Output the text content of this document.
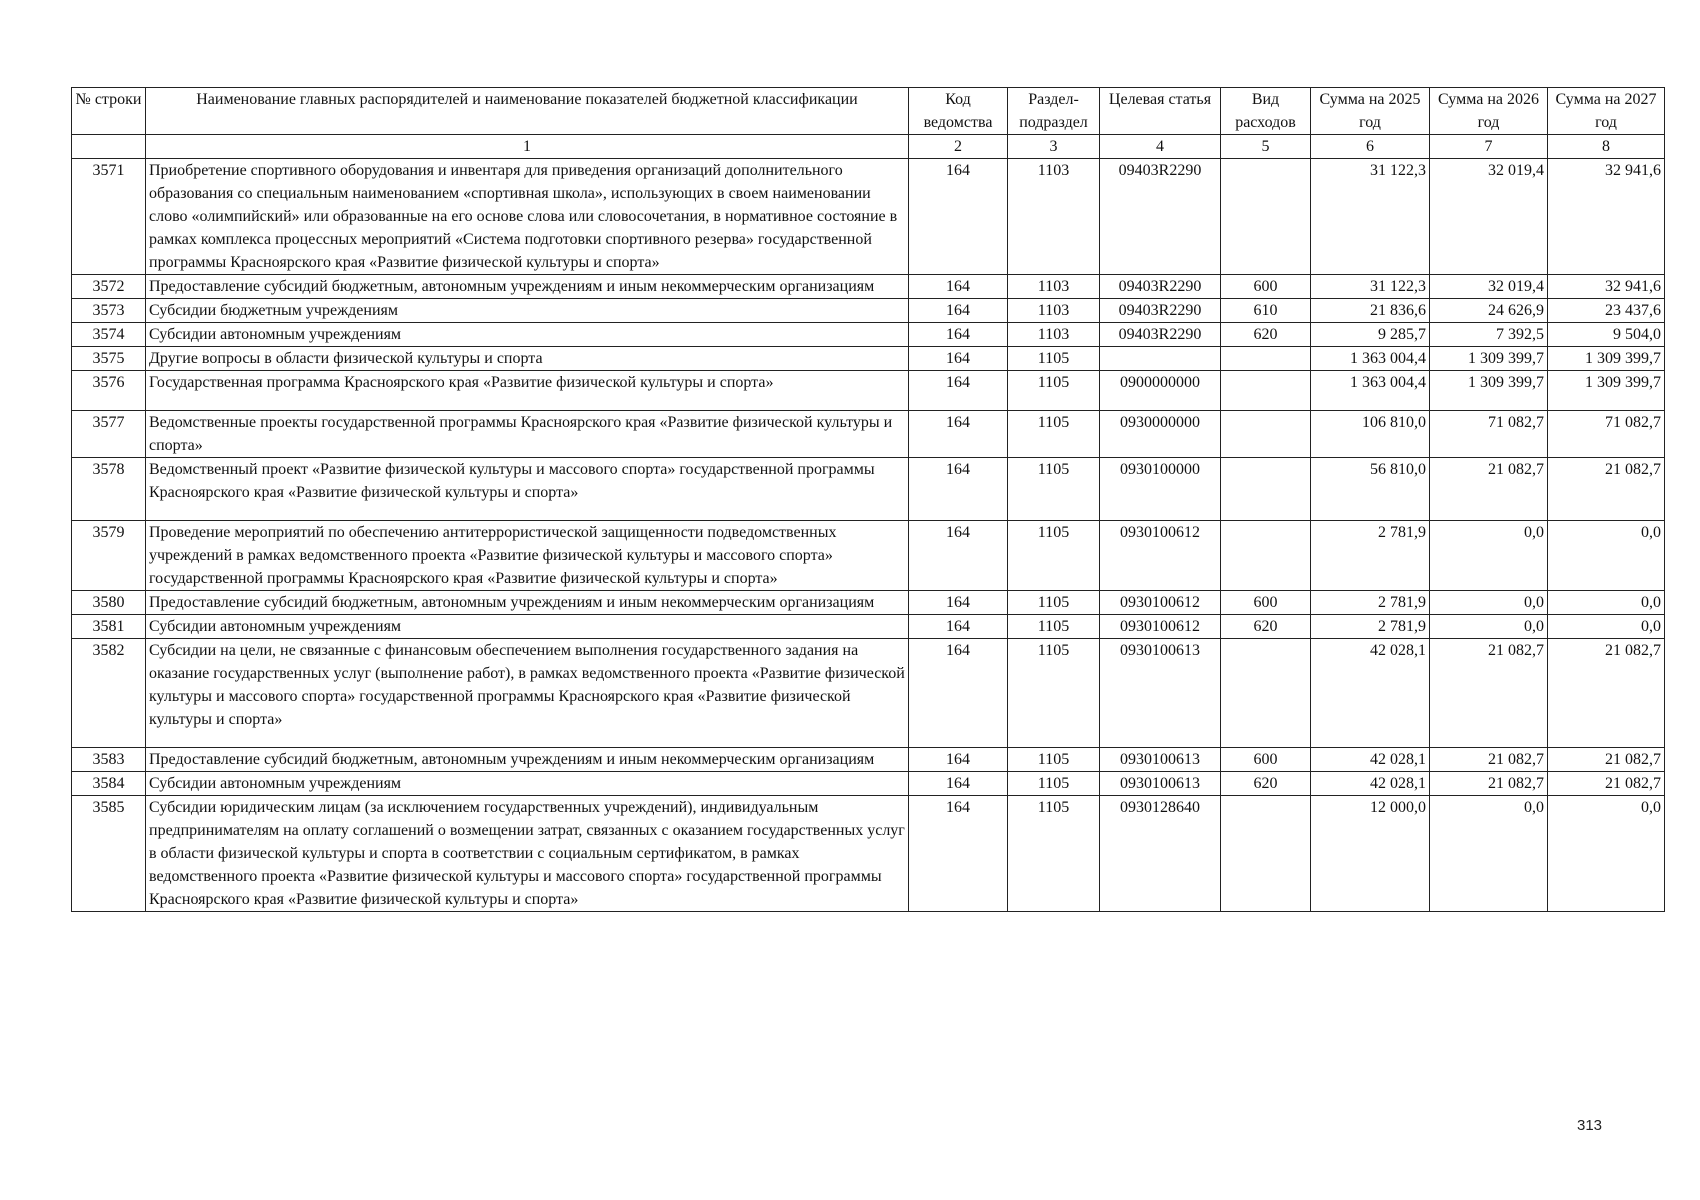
№ строки	Наименование главных распорядителей и наименование показателей бюджетной классификации	Код ведомства	Раздел-подраздел	Целевая статья	Вид расходов	Сумма на 2025 год	Сумма на 2026 год	Сумма на 2027 год
	1	2	3	4	5	6	7	8
3571	Приобретение спортивного оборудования и инвентаря для приведения организаций дополнительного образования со специальным наименованием «спортивная школа», использующих в своем наименовании слово «олимпийский» или образованные на его основе слова или словосочетания, в нормативное состояние в рамках комплекса процессных мероприятий «Система подготовки спортивного резерва» государственной программы Красноярского края «Развитие физической культуры и спорта»	164	1103	09403R2290		31 122,3	32 019,4	32 941,6
3572	Предоставление субсидий бюджетным, автономным учреждениям и иным некоммерческим организациям	164	1103	09403R2290	600	31 122,3	32 019,4	32 941,6
3573	Субсидии бюджетным учреждениям	164	1103	09403R2290	610	21 836,6	24 626,9	23 437,6
3574	Субсидии автономным учреждениям	164	1103	09403R2290	620	9 285,7	7 392,5	9 504,0
3575	Другие вопросы в области физической культуры и спорта	164	1105			1 363 004,4	1 309 399,7	1 309 399,7
3576	Государственная программа Красноярского края «Развитие физической культуры и спорта»	164	1105	0900000000		1 363 004,4	1 309 399,7	1 309 399,7
3577	Ведомственные проекты государственной программы Красноярского края «Развитие физической культуры и спорта»	164	1105	0930000000		106 810,0	71 082,7	71 082,7
3578	Ведомственный проект «Развитие физической культуры и массового спорта» государственной программы Красноярского края «Развитие физической культуры и спорта»	164	1105	0930100000		56 810,0	21 082,7	21 082,7
3579	Проведение мероприятий по обеспечению антитеррористической защищенности подведомственных учреждений в рамках ведомственного проекта «Развитие физической культуры и массового спорта» государственной программы Красноярского края «Развитие физической культуры и спорта»	164	1105	0930100612		2 781,9	0,0	0,0
3580	Предоставление субсидий бюджетным, автономным учреждениям и иным некоммерческим организациям	164	1105	0930100612	600	2 781,9	0,0	0,0
3581	Субсидии автономным учреждениям	164	1105	0930100612	620	2 781,9	0,0	0,0
3582	Субсидии на цели, не связанные с финансовым обеспечением выполнения государственного задания на оказание государственных услуг (выполнение работ), в рамках ведомственного проекта «Развитие физической культуры и массового спорта» государственной программы Красноярского края «Развитие физической культуры и спорта»	164	1105	0930100613		42 028,1	21 082,7	21 082,7
3583	Предоставление субсидий бюджетным, автономным учреждениям и иным некоммерческим организациям	164	1105	0930100613	600	42 028,1	21 082,7	21 082,7
3584	Субсидии автономным учреждениям	164	1105	0930100613	620	42 028,1	21 082,7	21 082,7
3585	Субсидии юридическим лицам (за исключением государственных учреждений), индивидуальным предпринимателям на оплату соглашений о возмещении затрат, связанных с оказанием государственных услуг в области физической культуры и спорта в соответствии с социальным сертификатом, в рамках ведомственного проекта «Развитие физической культуры и массового спорта» государственной программы Красноярского края «Развитие физической культуры и спорта»	164	1105	0930128640		12 000,0	0,0	0,0
313
